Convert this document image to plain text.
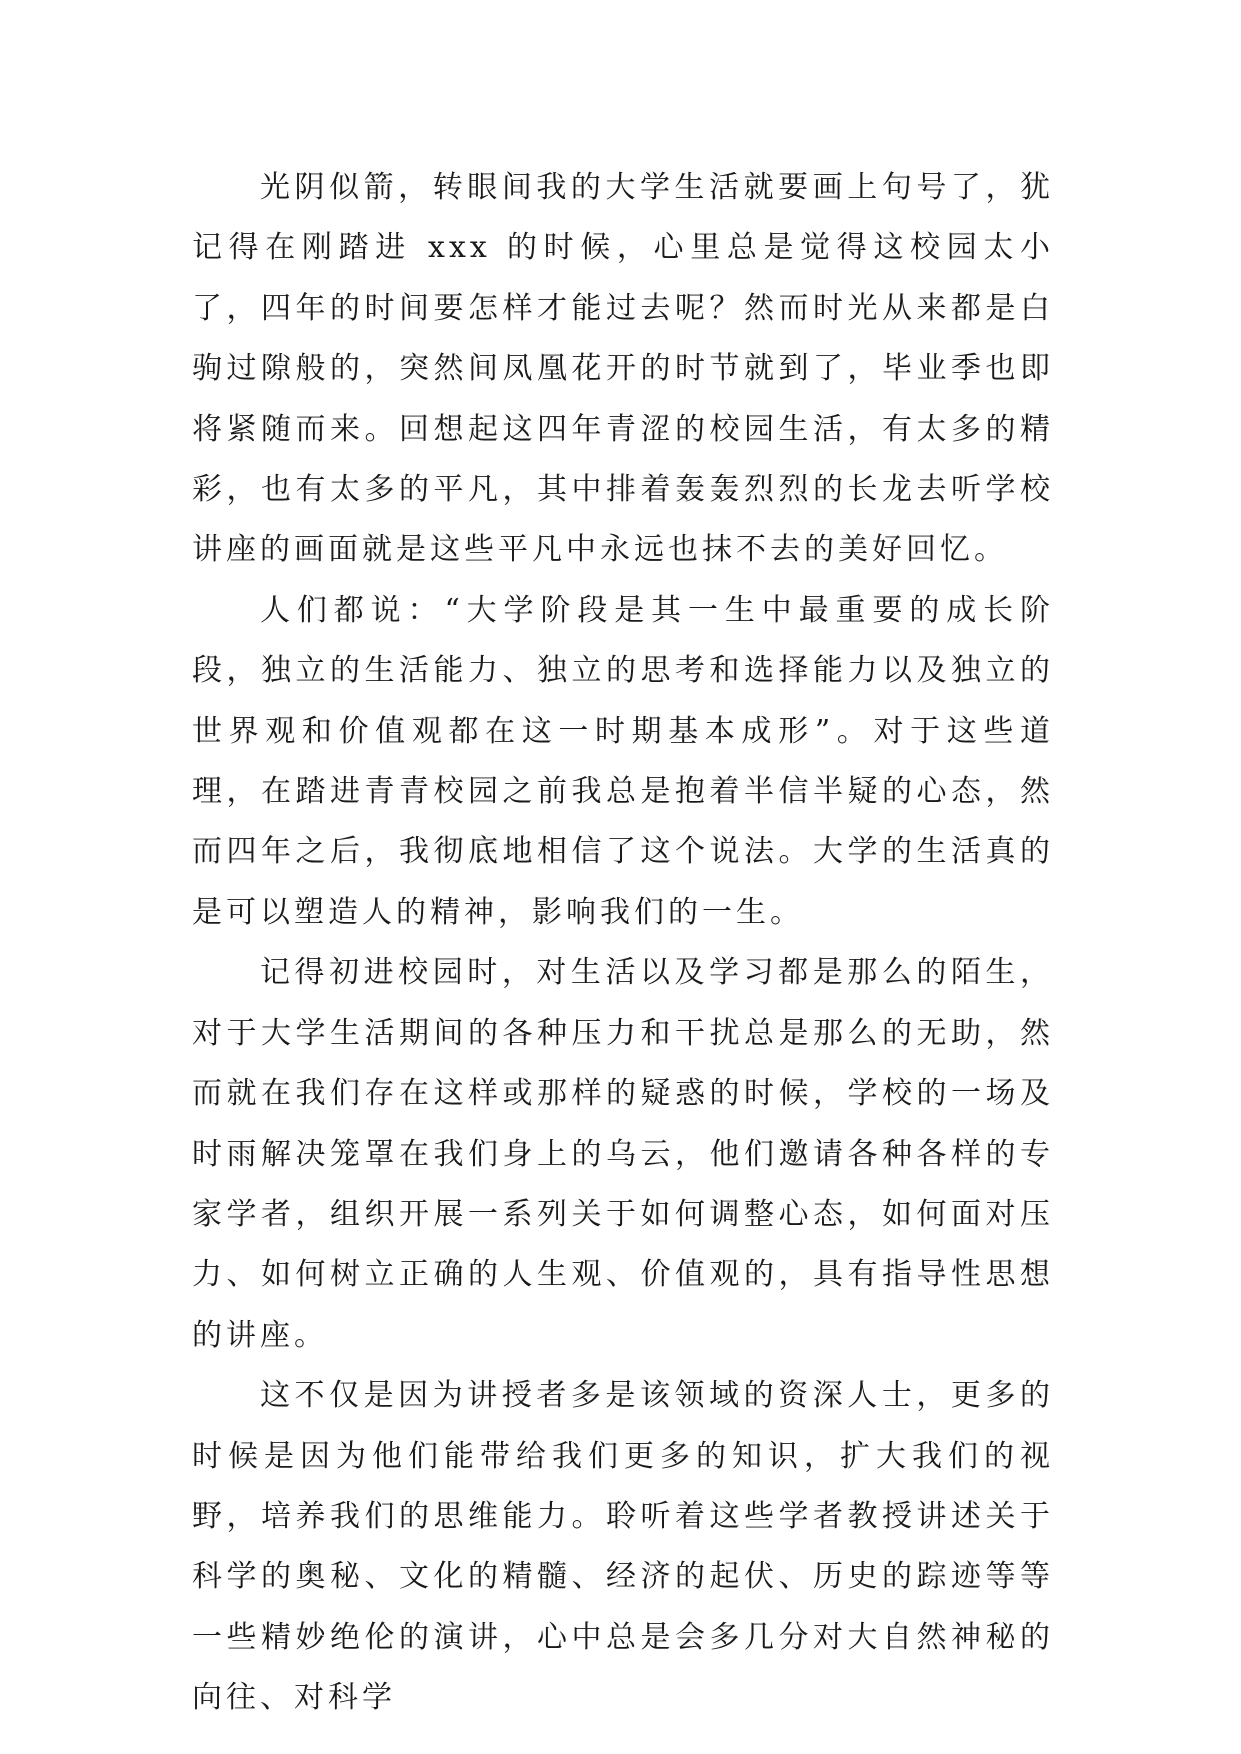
光阴似箭，转眼间我的大学生活就要画上句号了，犹记得在刚踏进 xxx 的时候，心里总是觉得这校园太小了，四年的时间要怎样才能过去呢？然而时光从来都是白驹过隙般的，突然间凤凰花开的时节就到了，毕业季也即将紧随而来。回想起这四年青涩的校园生活，有太多的精彩，也有太多的平凡，其中排着轰轰烈烈的长龙去听学校讲座的画面就是这些平凡中永远也抹不去的美好回忆。

人们都说：“大学阶段是其一生中最重要的成长阶段，独立的生活能力、独立的思考和选择能力以及独立的世界观和价值观都在这一时期基本成形”。对于这些道理，在踏进青青校园之前我总是抱着半信半疑的心态，然而四年之后，我彻底地相信了这个说法。大学的生活真的是可以塑造人的精神，影响我们的一生。

记得初进校园时，对生活以及学习都是那么的陌生，对于大学生活期间的各种压力和干扰总是那么的无助，然而就在我们存在这样或那样的疑惑的时候，学校的一场及时雨解决笼罩在我们身上的乌云，他们邀请各种各样的专家学者，组织开展一系列关于如何调整心态，如何面对压力、如何树立正确的人生观、价值观的，具有指导性思想的讲座。

这不仅是因为讲授者多是该领域的资深人士，更多的时候是因为他们能带给我们更多的知识，扩大我们的视野，培养我们的思维能力。聆听着这些学者教授讲述关于科学的奥秘、文化的精髓、经济的起伏、历史的踪迹等等一些精妙绝伦的演讲，心中总是会多几分对大自然神秘的向往、对科学
